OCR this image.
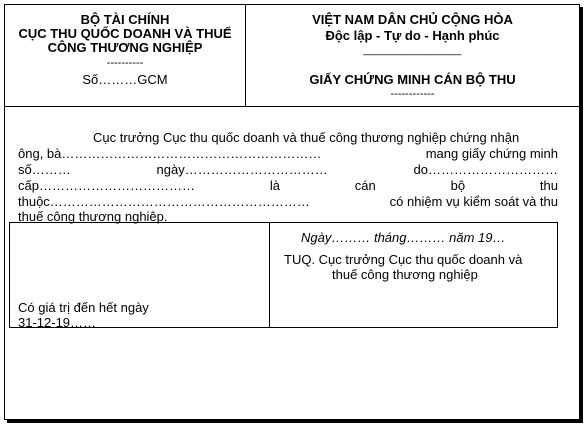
BỘ TÀI CHÍNH
CỤC THU QUỐC DOANH VÀ THUẾ
CÔNG THƯƠNG NGHIỆP
----------
Số………GCM
VIỆT NAM DÂN CHỦ CỘNG HÒA
Độc lập - Tự do - Hạnh phúc
________________
GIẤY CHỨNG MINH CÁN BỘ THU
------------
Cục trưởng Cục thu quốc doanh và thuế công thương nghiệp chứng nhận
ông, bà……………………………………………………	mang giấy chứng minh
số………	ngày……………………………	do…………………………
cấp………………………………	là	cán	bộ	thu
thuộc……………………………………………………	có nhiệm vụ kiểm soát và thu
thuế công thương nghiệp.
Có giá trị đến hết ngày
31-12-19……
Ngày……… tháng……… năm 19…
TUQ. Cục trưởng Cục thu quốc doanh và
thuế công thương nghiệp
